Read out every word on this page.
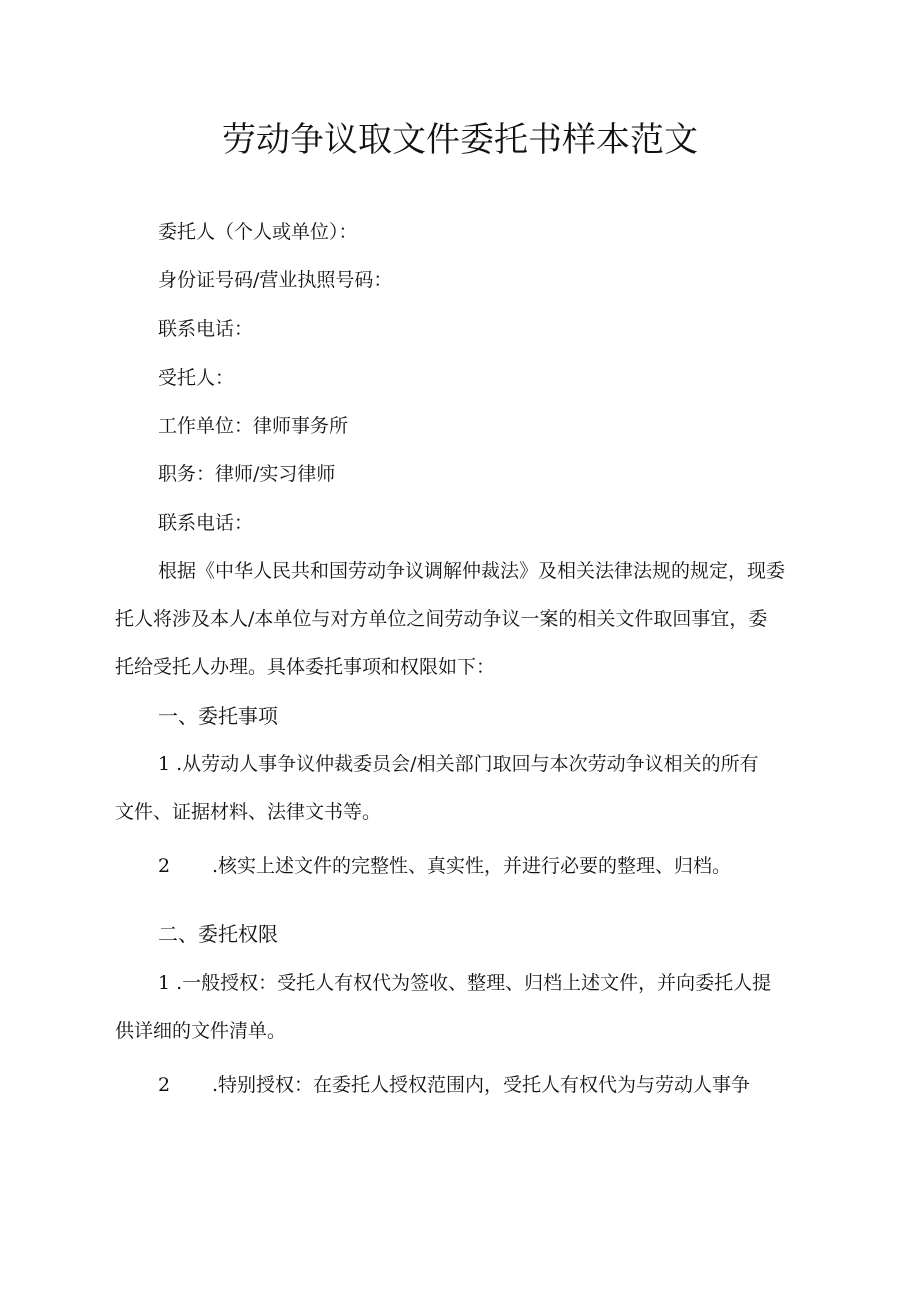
劳动争议取文件委托书样本范文
委托人（个人或单位）：
身份证号码/营业执照号码：
联系电话：
受托人：
工作单位：律师事务所
职务：律师/实习律师
联系电话：
根据《中华人民共和国劳动争议调解仲裁法》及相关法律法规的规定，现委
托人将涉及本人/本单位与对方单位之间劳动争议一案的相关文件取回事宜，委
托给受托人办理。具体委托事项和权限如下：
一、委托事项
1 .从劳动人事争议仲裁委员会/相关部门取回与本次劳动争议相关的所有
文件、证据材料、法律文书等。
2 .核实上述文件的完整性、真实性，并进行必要的整理、归档。
二、委托权限
1 .一般授权：受托人有权代为签收、整理、归档上述文件，并向委托人提
供详细的文件清单。
2 .特别授权：在委托人授权范围内，受托人有权代为与劳动人事争
